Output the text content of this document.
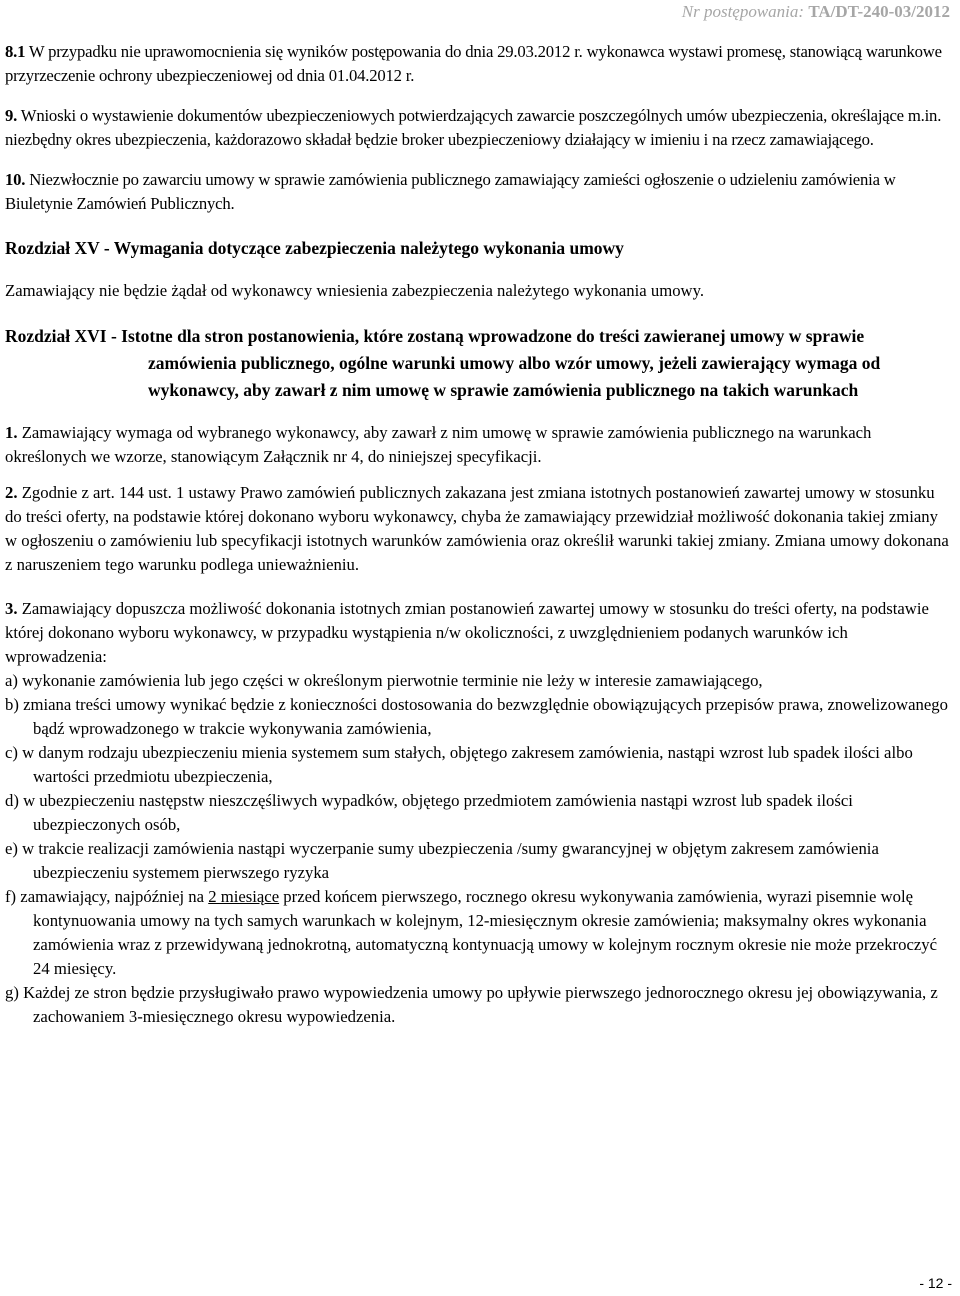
Nr postępowania: TA/DT-240-03/2012

8.1 W przypadku nie uprawomocnienia się wyników postępowania do dnia 29.03.2012 r. wykonawca wystawi promesę, stanowiącą warunkowe przyrzeczenie ochrony ubezpieczeniowej od dnia 01.04.2012 r.

9. Wnioski o wystawienie dokumentów ubezpieczeniowych potwierdzających zawarcie poszczególnych umów ubezpieczenia, określające m.in. niezbędny okres ubezpieczenia, każdorazowo składał będzie broker ubezpieczeniowy działający w imieniu i na rzecz zamawiającego.

10. Niezwłocznie po zawarciu umowy w sprawie zamówienia publicznego zamawiający zamieści ogłoszenie o udzieleniu zamówienia w Biuletynie Zamówień Publicznych.

Rozdział XV - Wymagania dotyczące zabezpieczenia należytego wykonania umowy

Zamawiający nie będzie żądał od wykonawcy wniesienia zabezpieczenia należytego wykonania umowy.

Rozdział XVI - Istotne dla stron postanowienia, które zostaną wprowadzone do treści zawieranej umowy w sprawie zamówienia publicznego, ogólne warunki umowy albo wzór umowy, jeżeli zawierający wymaga od wykonawcy, aby zawarł z nim umowę w sprawie zamówienia publicznego na takich warunkach

1. Zamawiający wymaga od wybranego wykonawcy, aby zawarł z nim umowę w sprawie zamówienia publicznego na warunkach określonych we wzorze, stanowiącym Załącznik nr 4, do niniejszej specyfikacji.

2. Zgodnie z art. 144 ust. 1 ustawy Prawo zamówień publicznych zakazana jest zmiana istotnych postanowień zawartej umowy w stosunku do treści oferty, na podstawie której dokonano wyboru wykonawcy, chyba że zamawiający przewidział możliwość dokonania takiej zmiany w ogłoszeniu o zamówieniu lub specyfikacji istotnych warunków zamówienia oraz określił warunki takiej zmiany. Zmiana umowy dokonana z naruszeniem tego warunku podlega unieważnieniu.

3. Zamawiający dopuszcza możliwość dokonania istotnych zmian postanowień zawartej umowy w stosunku do treści oferty, na podstawie której dokonano wyboru wykonawcy, w przypadku wystąpienia n/w okoliczności, z uwzględnieniem podanych warunków ich wprowadzenia:

a) wykonanie zamówienia lub jego części w określonym pierwotnie terminie nie leży w interesie zamawiającego,

b) zmiana treści umowy wynikać będzie z konieczności dostosowania do bezwzględnie obowiązujących przepisów prawa, znowelizowanego bądź wprowadzonego w trakcie wykonywania zamówienia,

c) w danym rodzaju ubezpieczeniu mienia systemem sum stałych, objętego zakresem zamówienia, nastąpi wzrost lub spadek ilości albo wartości przedmiotu ubezpieczenia,

d) w ubezpieczeniu następstw nieszczęśliwych wypadków, objętego przedmiotem zamówienia nastąpi wzrost lub spadek ilości ubezpieczonych osób,

e) w trakcie realizacji zamówienia nastąpi wyczerpanie sumy ubezpieczenia /sumy gwarancyjnej w objętym zakresem zamówienia ubezpieczeniu systemem pierwszego ryzyka

f) zamawiający, najpóźniej na 2 miesiące przed końcem pierwszego, rocznego okresu wykonywania zamówienia, wyrazi pisemnie wolę kontynuowania umowy na tych samych warunkach w kolejnym, 12-miesięcznym okresie zamówienia; maksymalny okres wykonania zamówienia wraz z przewidywaną jednokrotną, automatyczną kontynuacją umowy w kolejnym rocznym okresie nie może przekroczyć 24 miesięcy.

g) Każdej ze stron będzie przysługiwało prawo wypowiedzenia umowy po upływie pierwszego jednorocznego okresu jej obowiązywania, z zachowaniem 3-miesięcznego okresu wypowiedzenia.

- 12 -
